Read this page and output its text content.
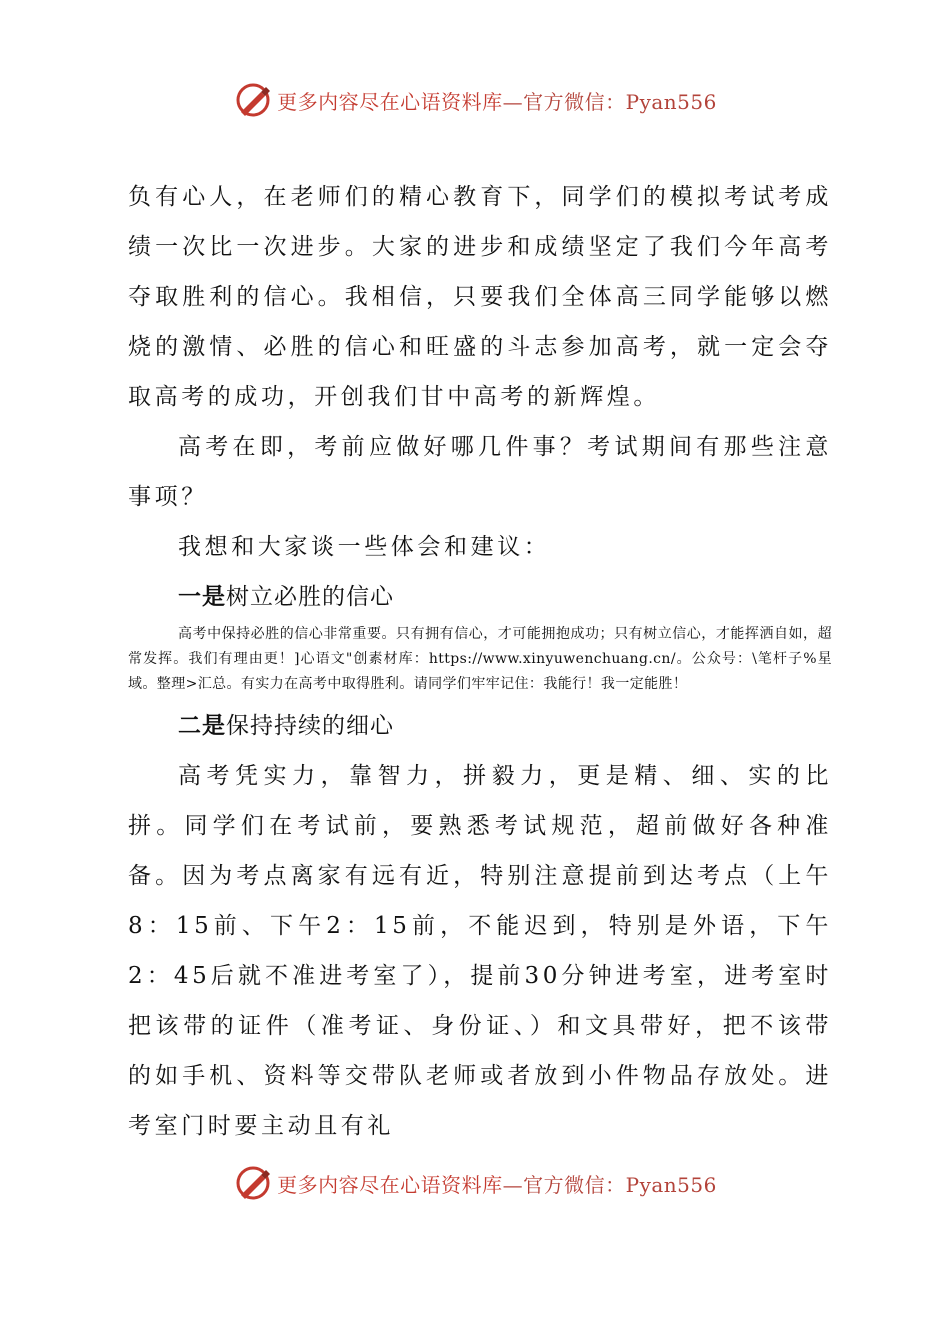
更多内容尽在心语资料库—官方微信：Pyan556

负有心人，在老师们的精心教育下，同学们的模拟考试考成绩一次比一次进步。大家的进步和成绩坚定了我们今年高考夺取胜利的信心。我相信，只要我们全体高三同学能够以燃烧的激情、必胜的信心和旺盛的斗志参加高考，就一定会夺取高考的成功，开创我们甘中高考的新辉煌。

高考在即，考前应做好哪几件事？考试期间有那些注意事项？

我想和大家谈一些体会和建议：

一是树立必胜的信心

高考中保持必胜的信心非常重要。只有拥有信心，才可能拥抱成功；只有树立信心，才能挥洒自如，超常发挥。我们有理由更！]心语文"创素材库：https://www.xinyuwenchuang.cn/。公众号：\笔杆子%星域。整理>汇总。有实力在高考中取得胜利。请同学们牢牢记住：我能行！我一定能胜！

二是保持持续的细心

高考凭实力，靠智力，拼毅力，更是精、细、实的比拼。同学们在考试前，要熟悉考试规范，超前做好各种准备。因为考点离家有远有近，特别注意提前到达考点（上午8：15前、下午2：15前，不能迟到，特别是外语，下午2：45后就不准进考室了），提前30分钟进考室，进考室时把该带的证件（准考证、身份证、）和文具带好，把不该带的如手机、资料等交带队老师或者放到小件物品存放处。进考室门时要主动且有礼

更多内容尽在心语资料库—官方微信：Pyan556
